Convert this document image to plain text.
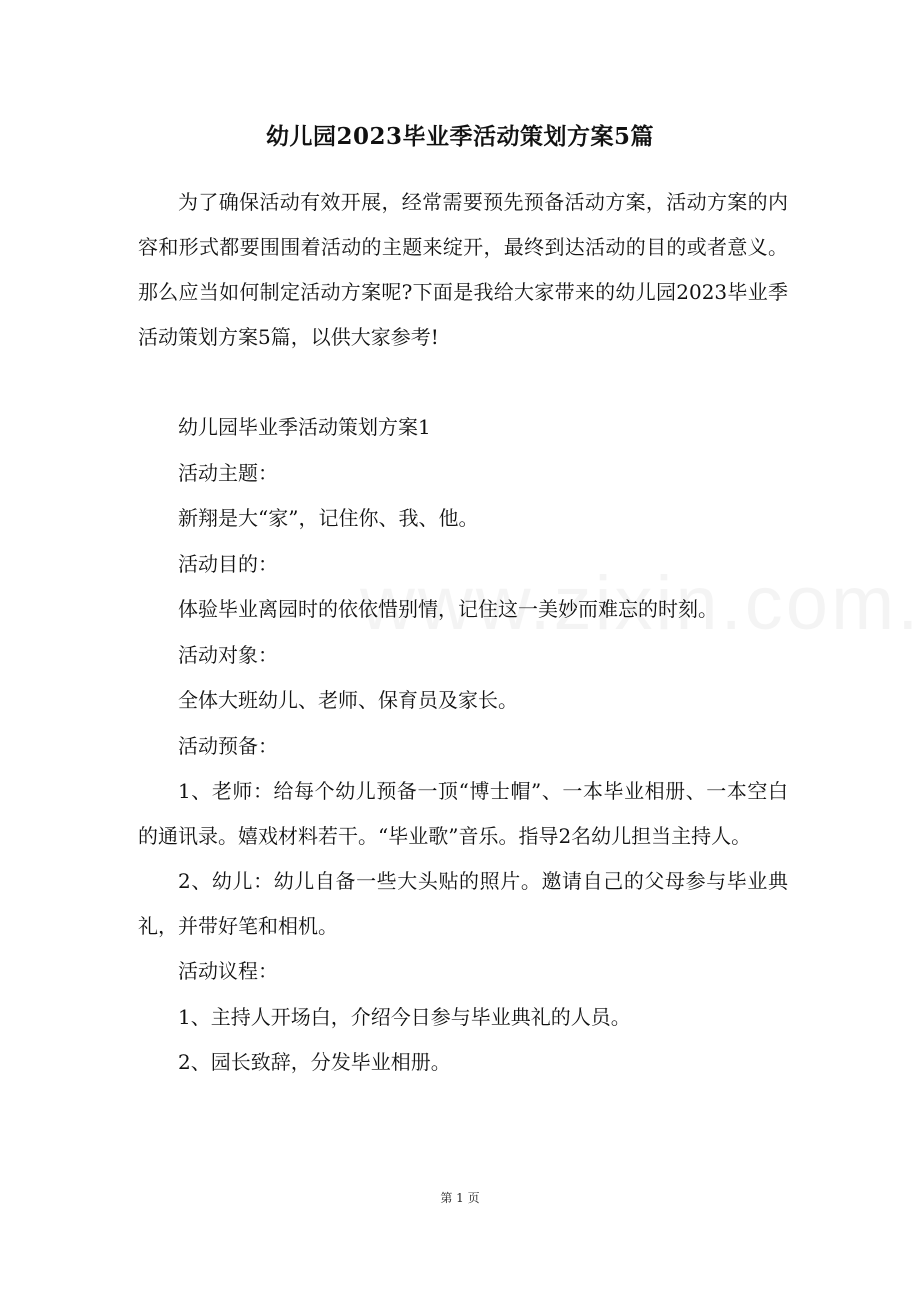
幼儿园2023毕业季活动策划方案5篇

为了确保活动有效开展，经常需要预先预备活动方案，活动方案的内容和形式都要围围着活动的主题来绽开，最终到达活动的目的或者意义。那么应当如何制定活动方案呢?下面是我给大家带来的幼儿园2023毕业季活动策划方案5篇，以供大家参考!

幼儿园毕业季活动策划方案1

活动主题：

新翔是大“家”，记住你、我、他。

活动目的：

体验毕业离园时的依依惜别情，记住这一美妙而难忘的时刻。

活动对象：

全体大班幼儿、老师、保育员及家长。

活动预备：

1、老师：给每个幼儿预备一顶“博士帽”、一本毕业相册、一本空白的通讯录。嬉戏材料若干。“毕业歌”音乐。指导2名幼儿担当主持人。

2、幼儿：幼儿自备一些大头贴的照片。邀请自己的父母参与毕业典礼，并带好笔和相机。

活动议程：

1、主持人开场白，介绍今日参与毕业典礼的人员。

2、园长致辞，分发毕业相册。

第 1 页
